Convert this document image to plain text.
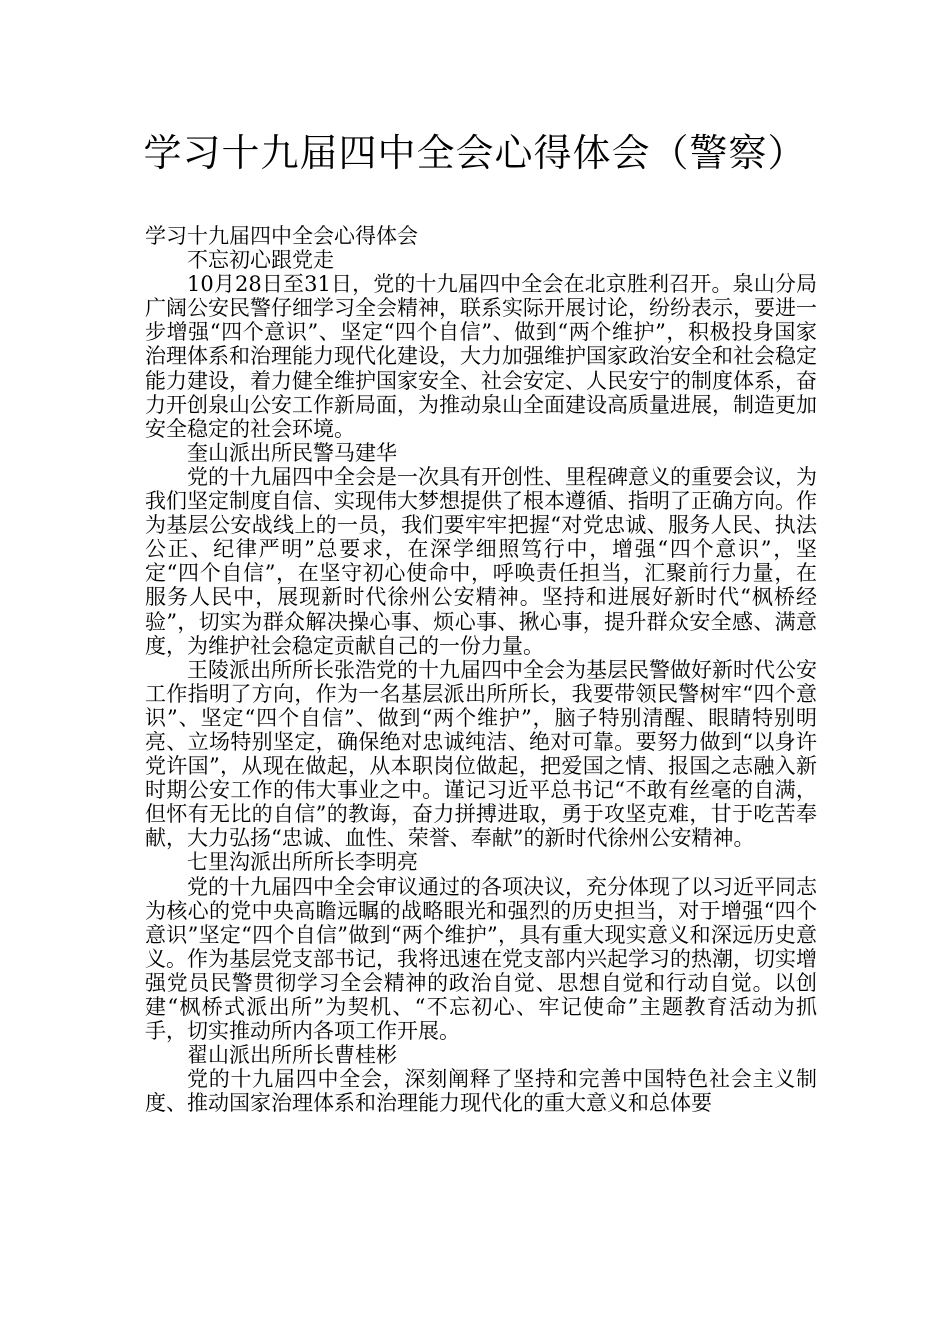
学习十九届四中全会心得体会（警察）

学习十九届四中全会心得体会

不忘初心跟党走

10月28日至31日，党的十九届四中全会在北京胜利召开。泉山分局广阔公安民警仔细学习全会精神，联系实际开展讨论，纷纷表示，要进一步增强“四个意识”、坚定“四个自信”、做到“两个维护”，积极投身国家治理体系和治理能力现代化建设，大力加强维护国家政治安全和社会稳定能力建设，着力健全维护国家安全、社会安定、人民安宁的制度体系，奋力开创泉山公安工作新局面，为推动泉山全面建设高质量进展，制造更加安全稳定的社会环境。

奎山派出所民警马建华

党的十九届四中全会是一次具有开创性、里程碑意义的重要会议，为我们坚定制度自信、实现伟大梦想提供了根本遵循、指明了正确方向。作为基层公安战线上的一员，我们要牢牢把握“对党忠诚、服务人民、执法公正、纪律严明”总要求，在深学细照笃行中，增强“四个意识”，坚定“四个自信”，在坚守初心使命中，呼唤责任担当，汇聚前行力量，在服务人民中，展现新时代徐州公安精神。坚持和进展好新时代“枫桥经验”，切实为群众解决操心事、烦心事、揪心事，提升群众安全感、满意度，为维护社会稳定贡献自己的一份力量。

王陵派出所所长张浩党的十九届四中全会为基层民警做好新时代公安工作指明了方向，作为一名基层派出所所长，我要带领民警树牢“四个意识”、坚定“四个自信”、做到“两个维护”，脑子特别清醒、眼睛特别明亮、立场特别坚定，确保绝对忠诚纯洁、绝对可靠。要努力做到“以身许党许国”，从现在做起，从本职岗位做起，把爱国之情、报国之志融入新时期公安工作的伟大事业之中。谨记习近平总书记“不敢有丝毫的自满，但怀有无比的自信”的教诲，奋力拼搏进取，勇于攻坚克难，甘于吃苦奉献，大力弘扬“忠诚、血性、荣誉、奉献”的新时代徐州公安精神。

七里沟派出所所长李明亮

党的十九届四中全会审议通过的各项决议，充分体现了以习近平同志为核心的党中央高瞻远瞩的战略眼光和强烈的历史担当，对于增强“四个意识”坚定“四个自信”做到“两个维护”，具有重大现实意义和深远历史意义。作为基层党支部书记，我将迅速在党支部内兴起学习的热潮，切实增强党员民警贯彻学习全会精神的政治自觉、思想自觉和行动自觉。以创建“枫桥式派出所”为契机、“不忘初心、牢记使命”主题教育活动为抓手，切实推动所内各项工作开展。

翟山派出所所长曹桂彬

党的十九届四中全会，深刻阐释了坚持和完善中国特色社会主义制度、推动国家治理体系和治理能力现代化的重大意义和总体要
